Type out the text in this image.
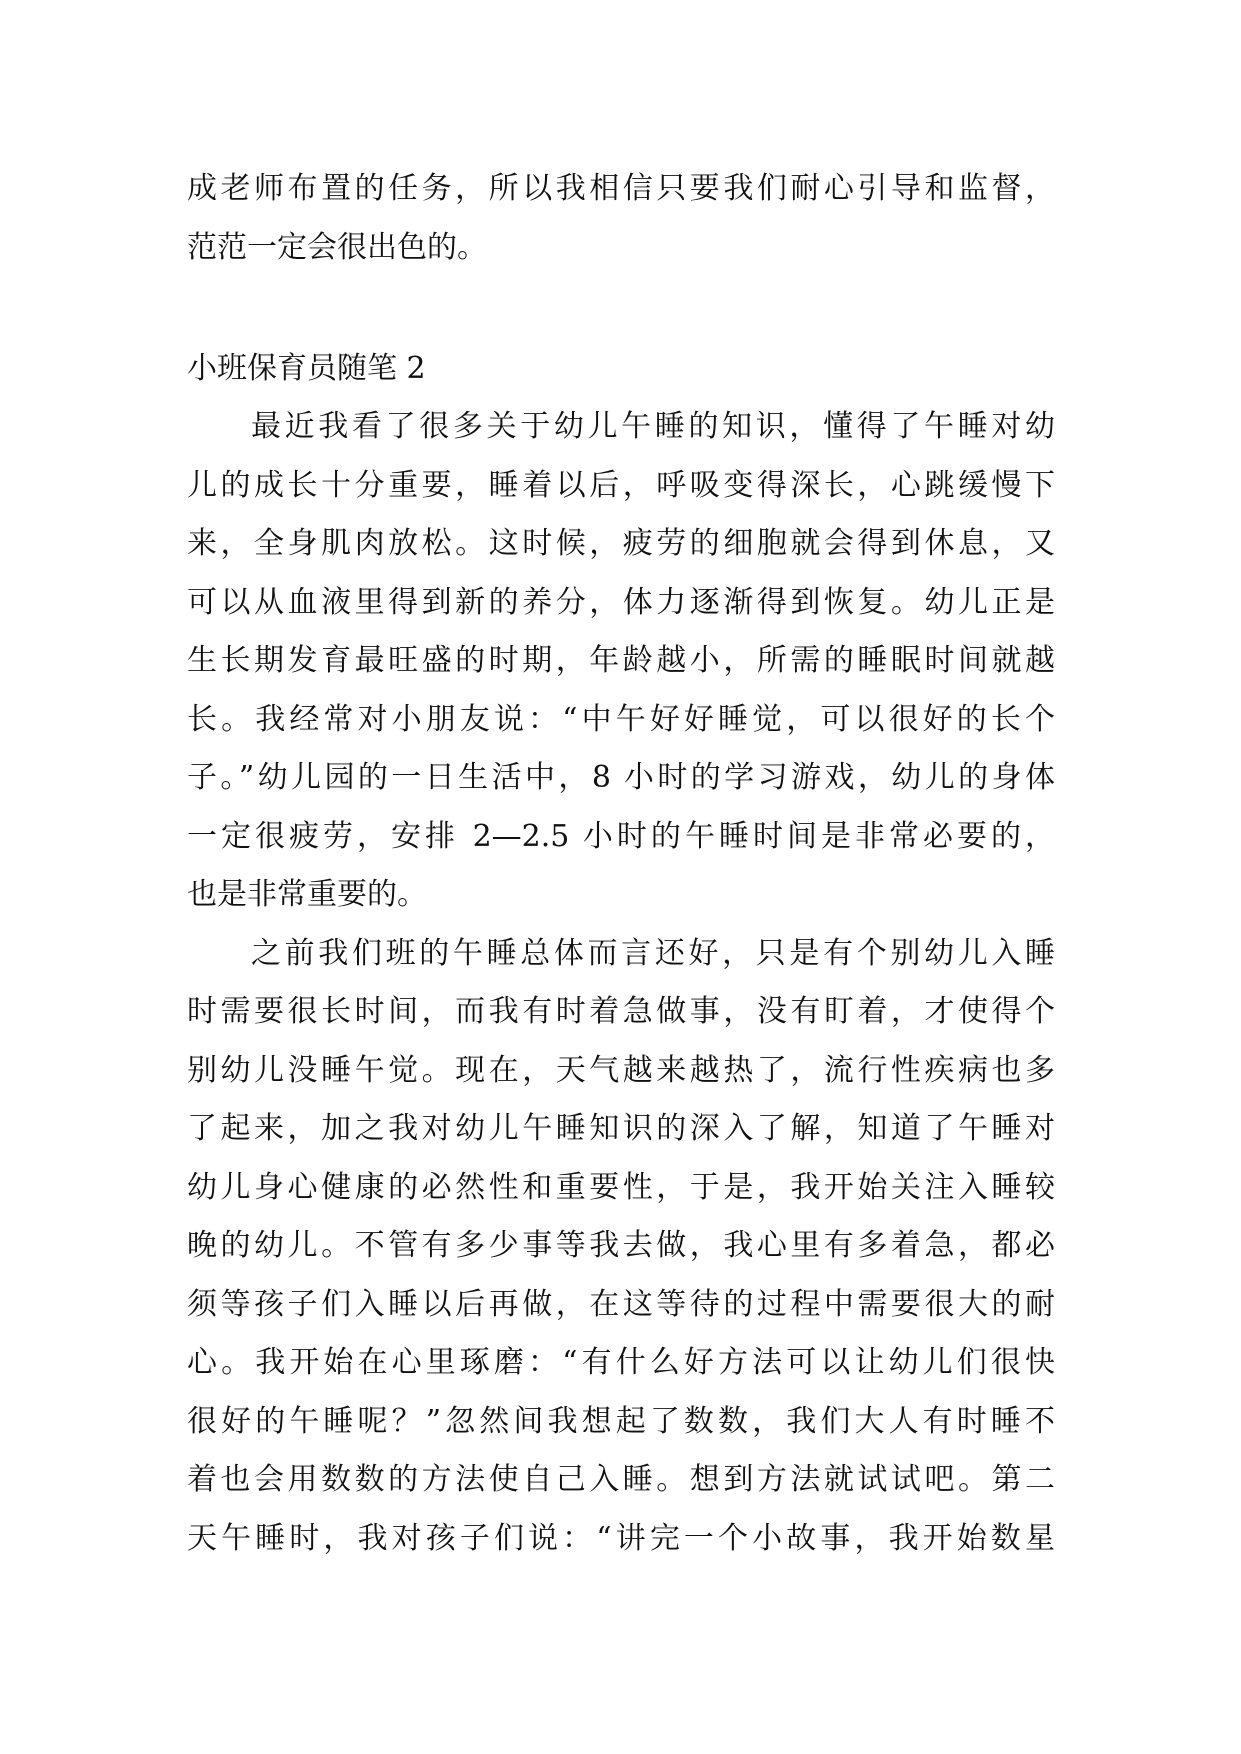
成老师布置的任务，所以我相信只要我们耐心引导和监督，
范范一定会很出色的。
小班保育员随笔 2
最近我看了很多关于幼儿午睡的知识，懂得了午睡对幼
儿的成长十分重要，睡着以后，呼吸变得深长，心跳缓慢下
来，全身肌肉放松。这时候，疲劳的细胞就会得到休息，又
可以从血液里得到新的养分，体力逐渐得到恢复。幼儿正是
生长期发育最旺盛的时期，年龄越小，所需的睡眠时间就越
长。我经常对小朋友说：“中午好好睡觉，可以很好的长个
子。”幼儿园的一日生活中，8 小时的学习游戏，幼儿的身体
一定很疲劳，安排 2—2.5 小时的午睡时间是非常必要的，
也是非常重要的。
之前我们班的午睡总体而言还好，只是有个别幼儿入睡
时需要很长时间，而我有时着急做事，没有盯着，才使得个
别幼儿没睡午觉。现在，天气越来越热了，流行性疾病也多
了起来，加之我对幼儿午睡知识的深入了解，知道了午睡对
幼儿身心健康的必然性和重要性，于是，我开始关注入睡较
晚的幼儿。不管有多少事等我去做，我心里有多着急，都必
须等孩子们入睡以后再做，在这等待的过程中需要很大的耐
心。我开始在心里琢磨：“有什么好方法可以让幼儿们很快
很好的午睡呢？”忽然间我想起了数数，我们大人有时睡不
着也会用数数的方法使自己入睡。想到方法就试试吧。第二
天午睡时，我对孩子们说：“讲完一个小故事，我开始数星
